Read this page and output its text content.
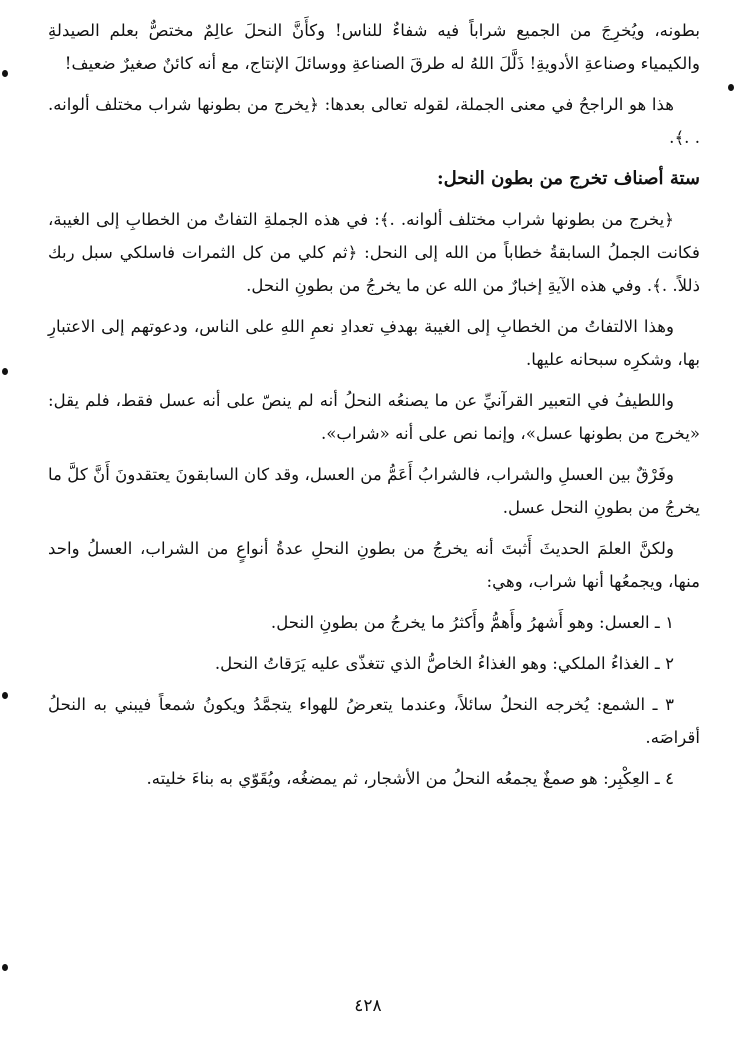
بطونه، ويُخرِجَ من الجميع شراباً فيه شفاءٌ للناس! وكأَنَّ النحلَ عالِمٌ مختصٌّ بعلم الصيدلةِ والكيمياء وصناعةِ الأدويةِ! ذَلَّلَ اللهُ له طرقَ الصناعةِ ووسائلَ الإنتاج، مع أنه كائنٌ صغيرٌ ضعيف!

هذا هو الراجحُ في معنى الجملة، لقوله تعالى بعدها: ﴿يخرج من بطونها شراب مختلف ألوانه. . .﴾.

ستة أصناف تخرج من بطون النحل:

﴿يخرج من بطونها شراب مختلف ألوانه. .﴾: في هذه الجملةِ التفاتٌ من الخطابِ إلى الغيبة، فكانت الجملُ السابقةُ خطاباً من الله إلى النحل: ﴿ثم كلي من كل الثمرات فاسلكي سبل ربك ذللاً. .﴾. وفي هذه الآيةِ إخبارٌ من الله عن ما يخرجُ من بطونِ النحل.

وهذا الالتفاتُ من الخطابِ إلى الغيبة بهدفِ تعدادِ نعمِ اللهِ على الناس، ودعوتهم إلى الاعتبارِ بها، وشكرِه سبحانه عليها.

واللطيفُ في التعبير القرآنيِّ عن ما يصنعُه النحلُ أنه لم ينصّ على أنه عسل فقط، فلم يقل: «يخرج من بطونها عسل»، وإنما نص على أنه «شراب».

وفَرْقٌ بين العسلِ والشراب، فالشرابُ أَعَمُّ من العسل، وقد كان السابقونَ يعتقدونَ أَنَّ كلَّ ما يخرجُ من بطونِ النحل عسل.

ولكنَّ العلمَ الحديثَ أَثبتَ أنه يخرجُ من بطونِ النحلِ عدةُ أنواعٍ من الشراب، العسلُ واحد منها، ويجمعُها أنها شراب، وهي:

١ ـ العسل: وهو أَشهرُ وأَهمُّ وأَكثرُ ما يخرجُ من بطونِ النحل.

٢ ـ الغذاءُ الملكي: وهو الغذاءُ الخاصُّ الذي تتغذّى عليه يَرَقاتُ النحل.

٣ ـ الشمع: يُخرجه النحلُ سائلاً، وعندما يتعرضُ للهواء يتجمَّدُ ويكونُ شمعاً فيبني به النحلُ أقراصَه.

٤ ـ العِكْبِر: هو صمغٌ يجمعُه النحلُ من الأشجار، ثم يمضغُه، ويُقَوّي به بناءَ خليته.

٤٢٨
